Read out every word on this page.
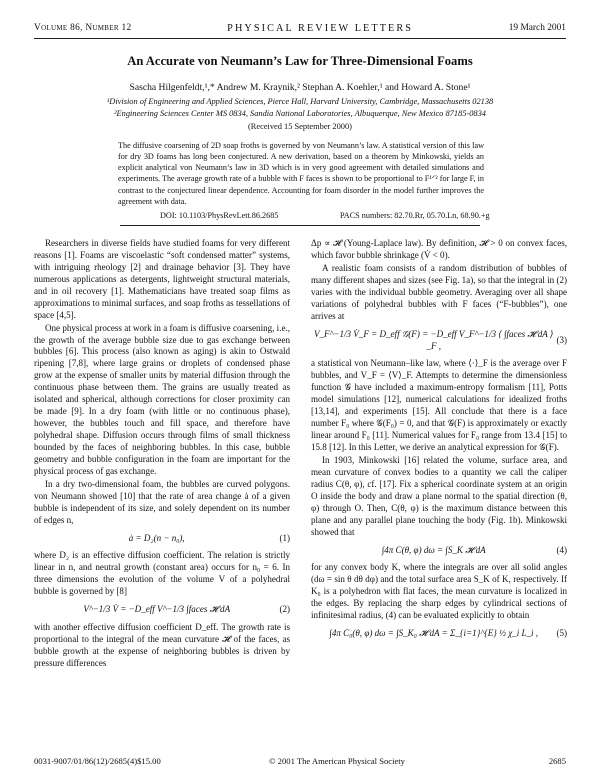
Volume 86, Number 12	PHYSICAL REVIEW LETTERS	19 March 2001
An Accurate von Neumann’s Law for Three-Dimensional Foams
Sascha Hilgenfeldt,¹,* Andrew M. Kraynik,² Stephan A. Koehler,¹ and Howard A. Stone¹
¹Division of Engineering and Applied Sciences, Pierce Hall, Harvard University, Cambridge, Massachusetts 02138
²Engineering Sciences Center MS 0834, Sandia National Laboratories, Albuquerque, New Mexico 87185-0834
(Received 15 September 2000)
The diffusive coarsening of 2D soap froths is governed by von Neumann’s law. A statistical version of this law for dry 3D foams has long been conjectured. A new derivation, based on a theorem by Minkowski, yields an explicit analytical von Neumann’s law in 3D which is in very good agreement with detailed simulations and experiments. The average growth rate of a bubble with F faces is shown to be proportional to F¹ᐟ² for large F, in contrast to the conjectured linear dependence. Accounting for foam disorder in the model further improves the agreement with data.
DOI: 10.1103/PhysRevLett.86.2685	PACS numbers: 82.70.Rr, 05.70.Ln, 68.90.+g

Researchers in diverse fields have studied foams for very different reasons [1]. Foams are viscoelastic “soft condensed matter” systems, with intriguing rheology [2] and drainage behavior [3]. They have numerous applications as detergents, lightweight structural materials, and in oil recovery [1]. Mathematicians have treated soap films as approximations to minimal surfaces, and soap froths as tessellations of space [4,5].

One physical process at work in a foam is diffusive coarsening, i.e., the growth of the average bubble size due to gas exchange between bubbles [6]. This process (also known as aging) is akin to Ostwald ripening [7,8], where large grains or droplets of condensed phase grow at the expense of smaller units by material diffusion through the continuous phase between them. The grains are usually treated as isolated and spherical, although corrections for closer proximity can be made [9]. In a dry foam (with little or no continuous phase), however, the bubbles touch and fill space, and therefore have polyhedral shape. Diffusion occurs through films of small thickness bounded by the faces of neighboring bubbles. In this case, bubble geometry and bubble configuration in the foam are important for the physical process of gas exchange.

In a dry two-dimensional foam, the bubbles are curved polygons. von Neumann showed [10] that the rate of area change ȧ of a given bubble is independent of its size, and solely dependent on its number of edges n,

ȧ = D₂(n − n₀),	(1)

where D₂ is an effective diffusion coefficient. The relation is strictly linear in n, and neutral growth (constant area) occurs for n₀ = 6. In three dimensions the evolution of the volume V of a polyhedral bubble is governed by [8]

V^−1/3 V̇ = −D_eff V^−1/3 ∫faces 𝓗 dA	(2)

with another effective diffusion coefficient D_eff. The growth rate is proportional to the integral of the mean curvature 𝓗 of the faces, as bubble growth at the expense of neighboring bubbles is driven by pressure differences

Δp ∝ 𝓗 (Young-Laplace law). By definition, 𝓗 > 0 on convex faces, which favor bubble shrinkage (V̇ < 0).

A realistic foam consists of a random distribution of bubbles of many different shapes and sizes (see Fig. 1a), so that the integral in (2) varies with the individual bubble geometry. Averaging over all shape variations of polyhedral bubbles with F faces (“F-bubbles”), one arrives at

V_F^−1/3 V̇_F = D_eff 𝒢(F) = −D_eff V_F^−1/3 ⟨ ∫faces 𝓗 dA ⟩_F ,
(3)

a statistical von Neumann–like law, where ⟨·⟩_F is the average over F bubbles, and V_F = ⟨V⟩_F. Attempts to determine the dimensionless function 𝒢 have included a maximum-entropy formalism [11], Potts model simulations [12], numerical calculations for idealized froths [13,14], and experiments [15]. All conclude that there is a face number F₀ where 𝒢(F₀) = 0, and that 𝒢(F) is approximately or exactly linear around F₀ [11]. Numerical values for F₀ range from 13.4 [15] to 15.8 [12]. In this Letter, we derive an analytical expression for 𝒢(F).

In 1903, Minkowski [16] related the volume, surface area, and mean curvature of convex bodies to a quantity we call the caliper radius C(θ, φ), cf. [17]. Fix a spherical coordinate system at an origin O inside the body and draw a plane normal to the spatial direction (θ, φ) through O. Then, C(θ, φ) is the maximum distance between this plane and any parallel plane touching the body (Fig. 1b). Minkowski showed that

∫4π C(θ, φ) dω = ∫S_K 𝓗 dA	(4)

for any convex body K, where the integrals are over all solid angles (dω = sin θ dθ dφ) and the total surface area S_K of K, respectively. If K₀ is a polyhedron with flat faces, the mean curvature is localized in the edges. By replacing the sharp edges by cylindrical sections of infinitesimal radius, (4) can be evaluated explicitly to obtain

∫4π C₀(θ, φ) dω = ∫S_K₀ 𝓗 dA = Σ_{i=1}^{E} ½ χ_i L_i ,	(5)
0031-9007/01/86(12)/2685(4)$15.00	© 2001 The American Physical Society	2685
